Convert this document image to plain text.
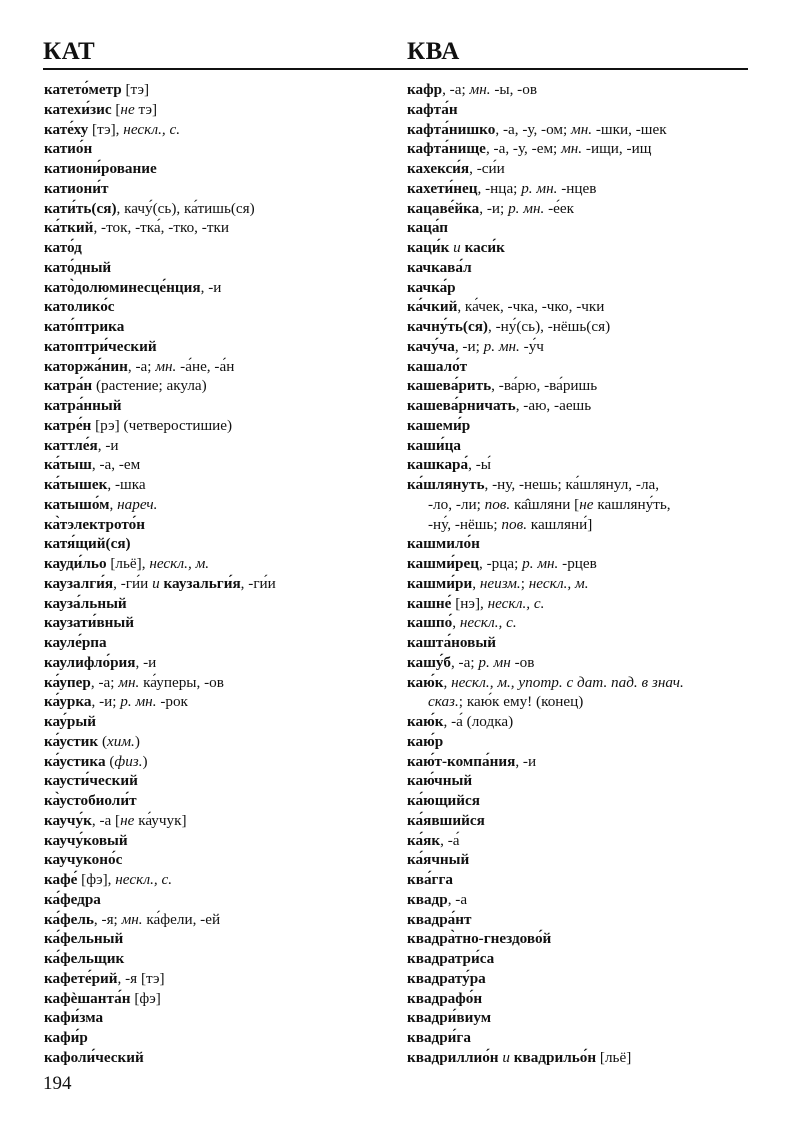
КАТ	КВА
катето́метр [тэ]
катехи́зис [не тэ]
кате́ху [тэ], нескл., с.
катио́н
катиони́рование
катиони́т
кати́ть(ся), качу́(сь), ка́тишь(ся)
ка́ткий, -ток, -тка́, -тко, -тки
като́д
като́дный
като̀долюминесце́нция, -и
католико́с
като́птрика
катоптри́ческий
каторжа́нин, -а; мн. -а́не, -а́н
катра́н (растение; акула)
катра́нный
катре́н [рэ] (четверостишие)
каттле́я, -и
ка́тыш, -а, -ем
ка́тышек, -шка
катышо́м, нареч.
ка̀тэлектрото́н
катя́щий(ся)
кауди́льо [льё], нескл., м.
каузалги́я, -ги́и и каузальги́я, -ги́и
кауза́льный
каузати́вный
кауле́рпа
каулифло́рия, -и
ка́упер, -а; мн. ка́уперы, -ов
ка́урка, -и; р. мн. -рок
кау́рый
ка́устик (хим.)
ка́устика (физ.)
каусти́ческий
ка̀устобиоли́т
каучу́к, -а [не ка́учук]
каучу́ковый
каучуконо́с
кафе́ [фэ], нескл., с.
ка́федра
ка́фель, -я; мн. ка́фели, -ей
ка́фельный
ка́фельщик
кафете́рий, -я [тэ]
кафѐшанта́н [фэ]
кафи́зма
кафи́р
кафоли́ческий
кафр, -а; мн. -ы, -ов
кафта́н
кафта́нишко, -а, -у, -ом; мн. -шки, -шек
кафта́нище, -а, -у, -ем; мн. -ищи, -ищ
кахекси́я, -си́и
кахети́нец, -нца; р. мн. -нцев
кацаве́йка, -и; р. мн. -е́ек
каца́п
каци́к и каси́к
качкава́л
качка́р
ка́чкий, ка́чек, -чка, -чко, -чки
качну́ть(ся), -ну́(сь), -нёшь(ся)
качу́ча, -и; р. мн. -у́ч
кашало́т
кашева́рить, -ва́рю, -ва́ришь
кашева́рничать, -аю, -аешь
кашеми́р
каши́ца
кашкара́, -ы́
ка́шлянуть, -ну, -нешь; ка́шлянул, -ла,
-ло, -ли; пов. ка̂шляни [не кашляну́ть,
-ну́, -нёшь; пов. кашляни́]
кашмило́н
кашми́рец, -рца; р. мн. -рцев
кашми́ри, неизм.; нескл., м.
кашне́ [нэ], нескл., с.
кашпо́, нескл., с.
кашта́новый
кашу́б, -а; р. мн -ов
каю́к, нескл., м., употр. с дат. пад. в знач.
сказ.; каю́к ему! (конец)
каю́к, -а́ (лодка)
каю́р
каю́т-компа́ния, -и
каю́чный
ка́ющийся
ка́явшийся
ка́як, -а́
ка́ячный
ква́гга
квадр, -а
квадра́нт
квадра̀тно-гнездово́й
квадратри́са
квадрату́ра
квадрафо́н
квадри́виум
квадри́га
квадриллио́н и квадрильо́н [льё]
194
